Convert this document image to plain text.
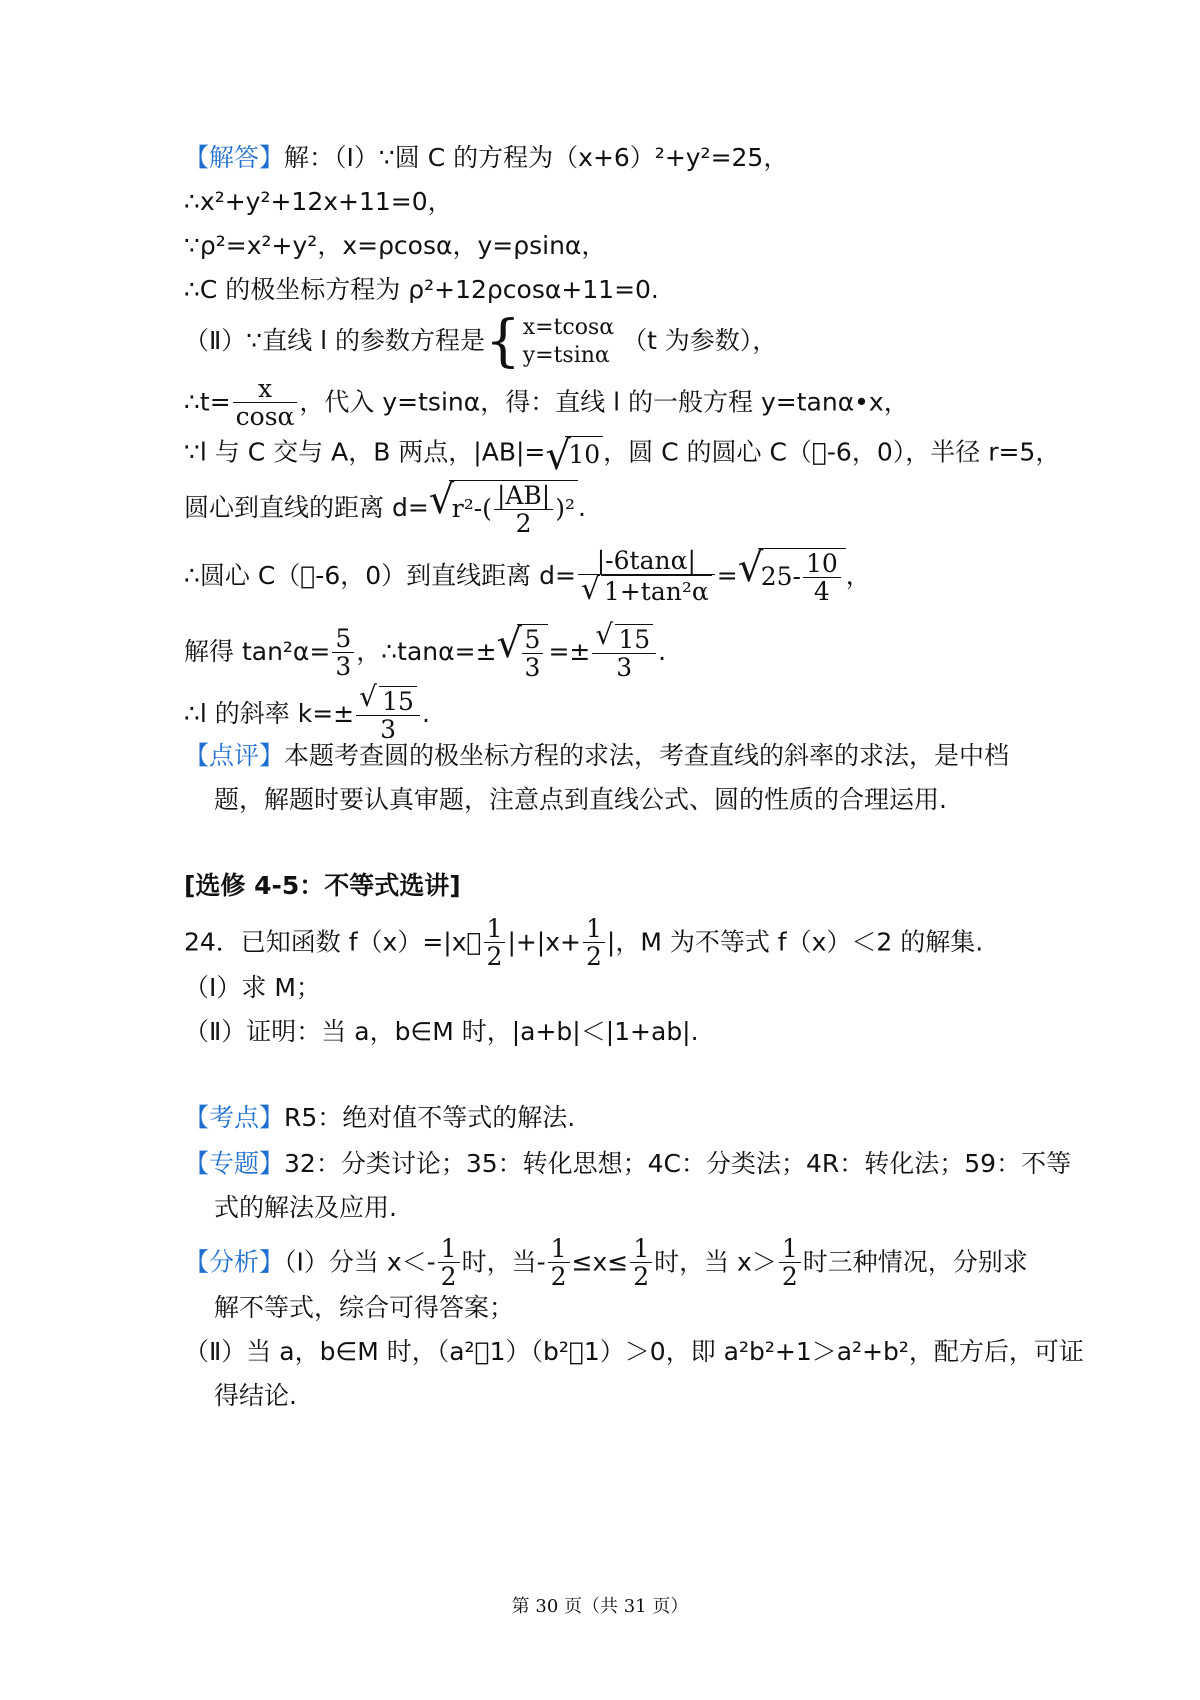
【解答】解：（Ⅰ）∵圆 C 的方程为（x+6）²+y²=25，
∴x²+y²+12x+11=0，
∵ρ²=x²+y²，x=ρcosα，y=ρsinα，
∴C 的极坐标方程为 ρ²+12ρcosα+11=0.
（Ⅱ）∵直线 l 的参数方程是{ x=tcosα
y=tsinα
（t 为参数），
∴t= $\frac{x}{\cos\alpha}$ ，代入 y=tsinα，得：直线 l 的一般方程 y=tanα•x，
∵l 与 C 交与 A，B 两点，|AB|= √
10 ，圆 C 的圆心 C（ -6，0），半径 r=5，
圆心到直线的距离 d= √
$r^2-( \frac{|AB|}{2} )^2$ .
∴圆心 C（ -6，0）到直线距离 $d= \frac{|-6\tan\alpha|}{\text{√ 1+tan²α}}$ = √
$25- \frac{10}{4}$ ，
解得 $\tan^2\alpha= \frac{5}{3}$ ，∴tanα=± √ $\frac{5}{3} =\pm \frac{√ 15}{3}$ .
∴l 的斜率 $k=\pm \frac{√ 15}{3}$ .
【点评】本题考查圆的极坐标方程的求法，考查直线的斜率的求法，是中档
题，解题时要认真审题，注意点到直线公式、圆的性质的合理运用.
[选修 4-5：不等式选讲]
24．已知函数 f（x）=|x  $\frac{1}{2} |+|x+ \frac{1}{2}$ |，M 为不等式 f（x）＜2 的解集.
（Ⅰ）求 M；
（Ⅱ）证明：当 a，b∈M 时，|a+b|＜|1+ab|.
【考点】R5：绝对值不等式的解法.
【专题】32：分类讨论；35：转化思想；4C：分类法；4R：转化法；59：不等
式的解法及应用.
【分析】（I）分当 $x<- \frac{1}{2}$ 时，当- $\frac{1}{2} \le x\le \frac{1}{2}$ 时，当 $x> \frac{1}{2}$ 时三种情况，分别求
解不等式，综合可得答案；
（Ⅱ）当 a，b∈M 时，（a² 1）（b² 1）＞0，即 a²b²+1＞a²+b²，配方后，可证
得结论.
第 30 页（共 31 页）
